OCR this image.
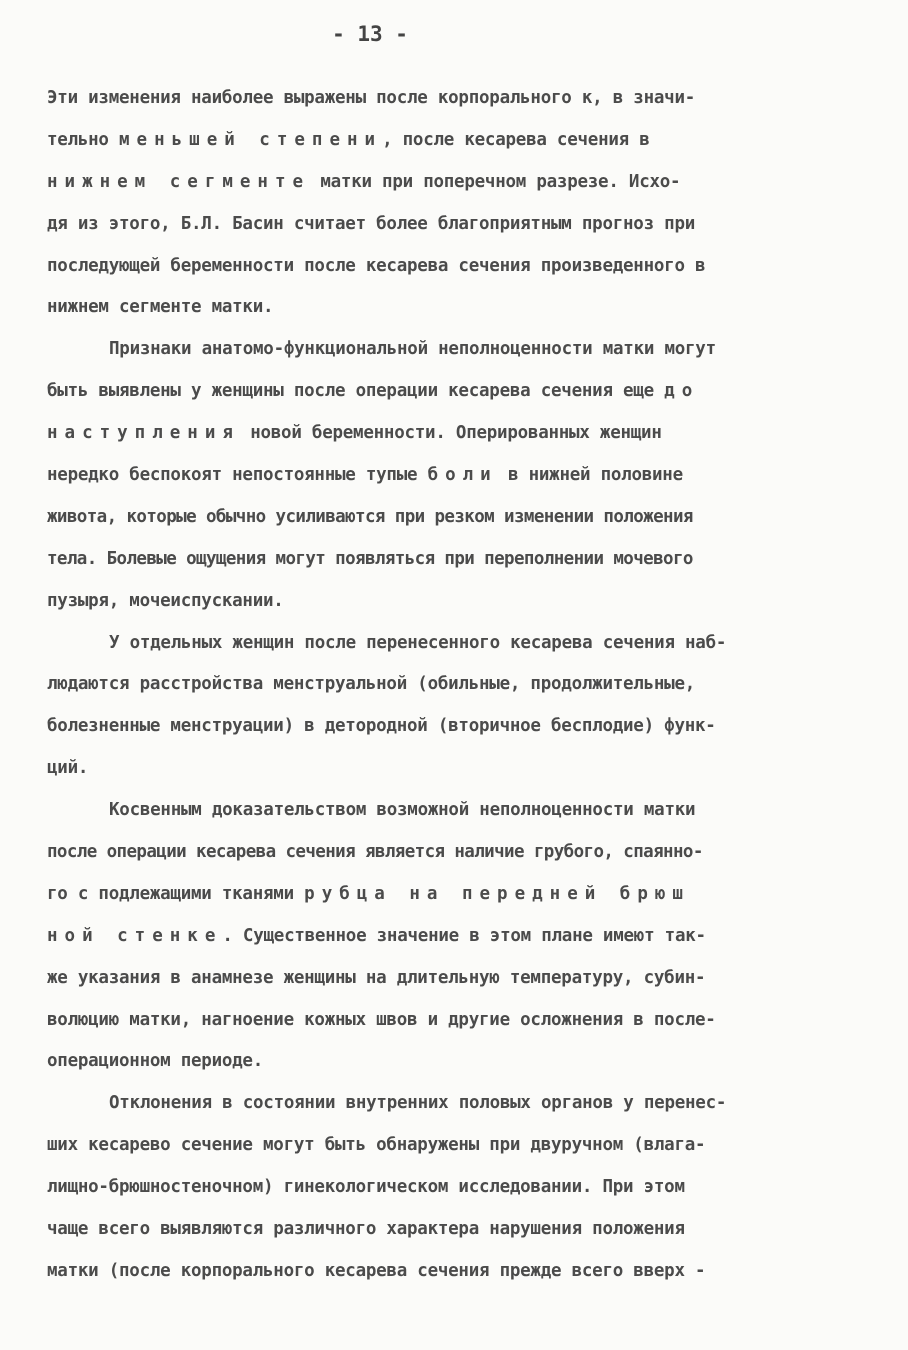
- 13 -
Эти изменения наиболее выражены после корпорального к, в значи-
тельно меньшей степени, после кесарева сечения в
нижнем сегменте матки при поперечном разрезе. Исхо-
дя из этого, Б.Л. Басин считает более благоприятным прогноз при
последующей беременности после кесарева сечения произведенного в
нижнем сегменте матки.
Признаки анатомо-функциональной неполноценности матки могут
быть выявлены у женщины после операции кесарева сечения еще до
наступления новой беременности. Оперированных женщин
нередко беспокоят непостоянные тупые боли в нижней половине
живота, которые обычно усиливаются при резком изменении положения
тела. Болевые ощущения могут появляться при переполнении мочевого
пузыря, мочеиспускании.
У отдельных женщин после перенесенного кесарева сечения наб-
людаются расстройства менструальной (обильные, продолжительные,
болезненные менструации) в детородной (вторичное бесплодие) функ-
ций.
Косвенным доказательством возможной неполноценности матки
после операции кесарева сечения является наличие грубого, спаянно-
го с подлежащими тканями рубца на передней брюш
ной стенке. Существенное значение в этом плане имеют так-
же указания в анамнезе женщины на длительную температуру, субин-
волюцию матки, нагноение кожных швов и другие осложнения в после-
операционном периоде.
Отклонения в состоянии внутренних половых органов у перенес-
ших кесарево сечение могут быть обнаружены при двуручном (влага-
лищно-брюшностеночном) гинекологическом исследовании. При этом
чаще всего выявляются различного характера нарушения положения
матки (после корпорального кесарева сечения прежде всего вверх -
